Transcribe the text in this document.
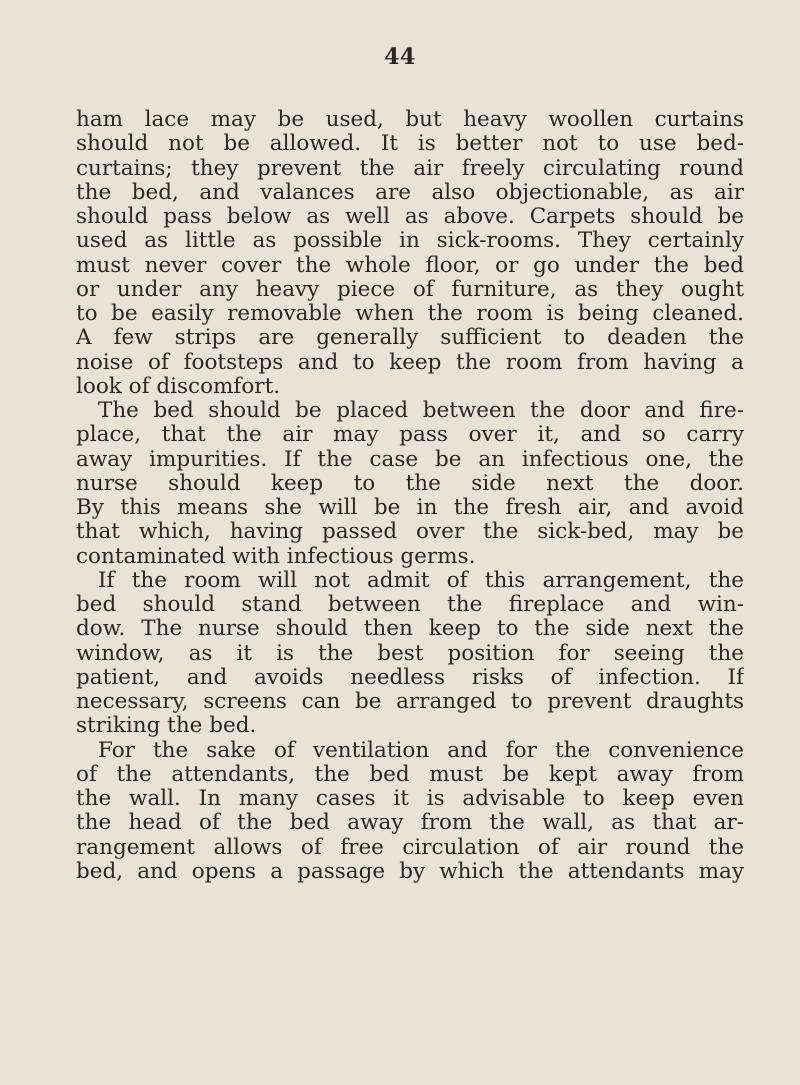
44
ham lace may be used, but heavy woollen curtains
should not be allowed. It is better not to use bed-
curtains; they prevent the air freely circulating round
the bed, and valances are also objectionable, as air
should pass below as well as above. Carpets should be
used as little as possible in sick-rooms. They certainly
must never cover the whole floor, or go under the bed
or under any heavy piece of furniture, as they ought
to be easily removable when the room is being cleaned.
A few strips are generally sufficient to deaden the
noise of footsteps and to keep the room from having a
look of discomfort.
The bed should be placed between the door and fire-
place, that the air may pass over it, and so carry
away impurities. If the case be an infectious one, the
nurse should keep to the side next the door.
By this means she will be in the fresh air, and avoid
that which, having passed over the sick-bed, may be
contaminated with infectious germs.
If the room will not admit of this arrangement, the
bed should stand between the fireplace and win-
dow. The nurse should then keep to the side next the
window, as it is the best position for seeing the
patient, and avoids needless risks of infection. If
necessary, screens can be arranged to prevent draughts
striking the bed.
For the sake of ventilation and for the convenience
of the attendants, the bed must be kept away from
the wall. In many cases it is advisable to keep even
the head of the bed away from the wall, as that ar-
rangement allows of free circulation of air round the
bed, and opens a passage by which the attendants may
